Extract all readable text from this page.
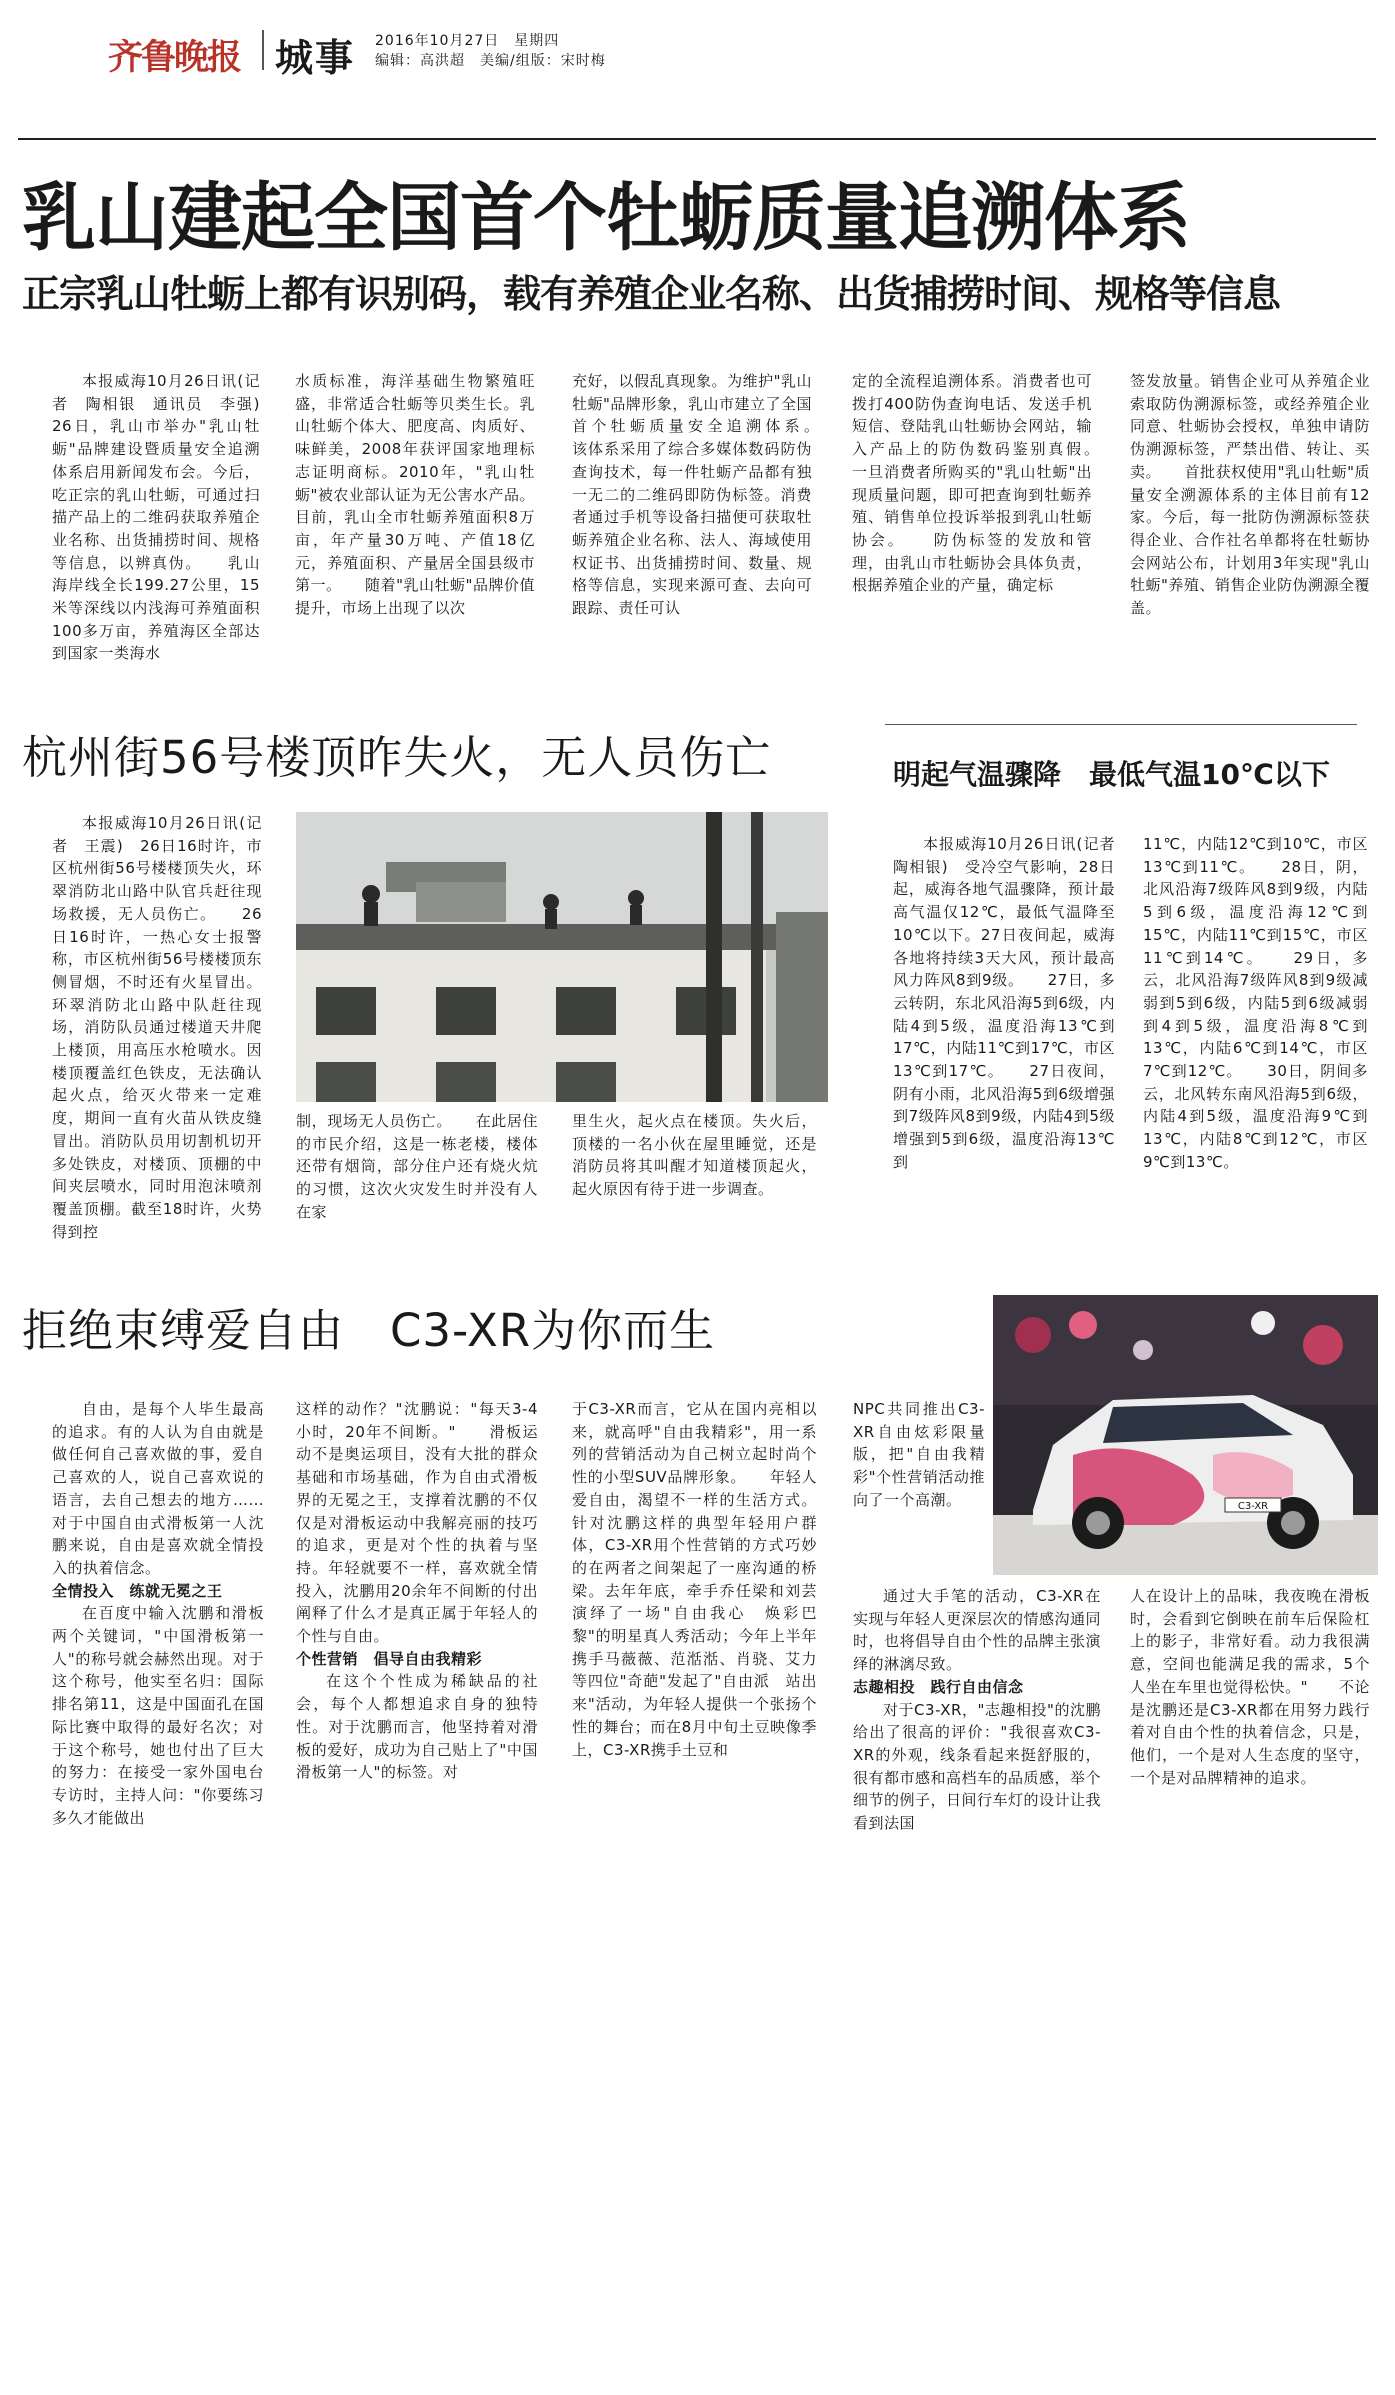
齐鲁晚报 城事 2016年10月27日　星期四
编辑：高洪超　美编/组版：宋时梅
乳山建起全国首个牡蛎质量追溯体系
正宗乳山牡蛎上都有识别码，载有养殖企业名称、出货捕捞时间、规格等信息

本报威海10月26日讯(记者　陶相银　通讯员　李强)　26日，乳山市举办"乳山牡蛎"品牌建设暨质量安全追溯体系启用新闻发布会。今后，吃正宗的乳山牡蛎，可通过扫描产品上的二维码获取养殖企业名称、出货捕捞时间、规格等信息，以辨真伪。　　乳山海岸线全长199.27公里，15米等深线以内浅海可养殖面积100多万亩，养殖海区全部达到国家一类海水

水质标准，海洋基础生物繁殖旺盛，非常适合牡蛎等贝类生长。乳山牡蛎个体大、肥度高、肉质好、味鲜美，2008年获评国家地理标志证明商标。2010年，"乳山牡蛎"被农业部认证为无公害水产品。目前，乳山全市牡蛎养殖面积8万亩，年产量30万吨、产值18亿元，养殖面积、产量居全国县级市第一。　　随着"乳山牡蛎"品牌价值提升，市场上出现了以次

充好，以假乱真现象。为维护"乳山牡蛎"品牌形象，乳山市建立了全国首个牡蛎质量安全追溯体系。　　该体系采用了综合多媒体数码防伪查询技术，每一件牡蛎产品都有独一无二的二维码即防伪标签。消费者通过手机等设备扫描便可获取牡蛎养殖企业名称、法人、海域使用权证书、出货捕捞时间、数量、规格等信息，实现来源可查、去向可跟踪、责任可认

定的全流程追溯体系。消费者也可拨打400防伪查询电话、发送手机短信、登陆乳山牡蛎协会网站，输入产品上的防伪数码鉴别真假。　　一旦消费者所购买的"乳山牡蛎"出现质量问题，即可把查询到牡蛎养殖、销售单位投诉举报到乳山牡蛎协会。　　防伪标签的发放和管理，由乳山市牡蛎协会具体负责，根据养殖企业的产量，确定标

签发放量。销售企业可从养殖企业索取防伪溯源标签，或经养殖企业同意、牡蛎协会授权，单独申请防伪溯源标签，严禁出借、转让、买卖。　　首批获权使用"乳山牡蛎"质量安全溯源体系的主体目前有12家。今后，每一批防伪溯源标签获得企业、合作社名单都将在牡蛎协会网站公布，计划用3年实现"乳山牡蛎"养殖、销售企业防伪溯源全覆盖。

杭州街56号楼顶昨失火，无人员伤亡

本报威海10月26日讯(记者　王震)　26日16时许，市区杭州街56号楼楼顶失火，环翠消防北山路中队官兵赶往现场救援，无人员伤亡。　　26日16时许，一热心女士报警称，市区杭州街56号楼楼顶东侧冒烟，不时还有火星冒出。环翠消防北山路中队赶往现场，消防队员通过楼道天井爬上楼顶，用高压水枪喷水。因楼顶覆盖红色铁皮，无法确认起火点，给灭火带来一定难度，期间一直有火苗从铁皮缝冒出。消防队员用切割机切开多处铁皮，对楼顶、顶棚的中间夹层喷水，同时用泡沫喷剂覆盖顶棚。截至18时许，火势得到控

制，现场无人员伤亡。　　在此居住的市民介绍，这是一栋老楼，楼体还带有烟筒，部分住户还有烧火炕的习惯，这次火灾发生时并没有人在家

里生火，起火点在楼顶。失火后，顶楼的一名小伙在屋里睡觉，还是消防员将其叫醒才知道楼顶起火，起火原因有待于进一步调查。

明起气温骤降　最低气温10℃以下

本报威海10月26日讯(记者　陶相银)　受冷空气影响，28日起，威海各地气温骤降，预计最高气温仅12℃，最低气温降至10℃以下。27日夜间起，威海各地将持续3天大风，预计最高风力阵风8到9级。　　27日，多云转阴，东北风沿海5到6级，内陆4到5级，温度沿海13℃到17℃，内陆11℃到17℃，市区13℃到17℃。　　27日夜间，阴有小雨，北风沿海5到6级增强到7级阵风8到9级，内陆4到5级增强到5到6级，温度沿海13℃到

11℃，内陆12℃到10℃，市区13℃到11℃。　　28日，阴，北风沿海7级阵风8到9级，内陆5到6级，温度沿海12℃到15℃，内陆11℃到15℃，市区11℃到14℃。　　29日，多云，北风沿海7级阵风8到9级减弱到5到6级，内陆5到6级减弱到4到5级，温度沿海8℃到13℃，内陆6℃到14℃，市区7℃到12℃。　　30日，阴间多云，北风转东南风沿海5到6级，内陆4到5级，温度沿海9℃到13℃，内陆8℃到12℃，市区9℃到13℃。

拒绝束缚爱自由　C3-XR为你而生
C3-XR

自由，是每个人毕生最高的追求。有的人认为自由就是做任何自己喜欢做的事，爱自己喜欢的人，说自己喜欢说的语言，去自己想去的地方……对于中国自由式滑板第一人沈鹏来说，自由是喜欢就全情投入的执着信念。

全情投入　练就无冕之王

在百度中输入沈鹏和滑板两个关键词，"中国滑板第一人"的称号就会赫然出现。对于这个称号，他实至名归：国际排名第11，这是中国面孔在国际比赛中取得的最好名次；对于这个称号，她也付出了巨大的努力：在接受一家外国电台专访时，主持人问："你要练习多久才能做出

这样的动作？"沈鹏说："每天3-4小时，20年不间断。"　　滑板运动不是奥运项目，没有大批的群众基础和市场基础，作为自由式滑板界的无冕之王，支撑着沈鹏的不仅仅是对滑板运动中我解亮丽的技巧的追求，更是对个性的执着与坚持。年轻就要不一样，喜欢就全情投入，沈鹏用20余年不间断的付出阐释了什么才是真正属于年轻人的个性与自由。

个性营销　倡导自由我精彩

在这个个性成为稀缺品的社会，每个人都想追求自身的独特性。对于沈鹏而言，他坚持着对滑板的爱好，成功为自己贴上了"中国滑板第一人"的标签。对

于C3-XR而言，它从在国内亮相以来，就高呼"自由我精彩"，用一系列的营销活动为自己树立起时尚个性的小型SUV品牌形象。　　年轻人爱自由，渴望不一样的生活方式。针对沈鹏这样的典型年轻用户群体，C3-XR用个性营销的方式巧妙的在两者之间架起了一座沟通的桥梁。去年年底，牵手乔任梁和刘芸演绎了一场"自由我心　焕彩巴黎"的明星真人秀活动；今年上半年携手马薇薇、范湉湉、肖骁、艾力等四位"奇葩"发起了"自由派　站出来"活动，为年轻人提供一个张扬个性的舞台；而在8月中旬土豆映像季上，C3-XR携手土豆和

NPC共同推出C3-XR自由炫彩限量版，把"自由我精彩"个性营销活动推向了一个高潮。

通过大手笔的活动，C3-XR在实现与年轻人更深层次的情感沟通同时，也将倡导自由个性的品牌主张演绎的淋漓尽致。

志趣相投　践行自由信念

对于C3-XR，"志趣相投"的沈鹏给出了很高的评价："我很喜欢C3-XR的外观，线条看起来挺舒服的，很有都市感和高档车的品质感，举个细节的例子，日间行车灯的设计让我看到法国

人在设计上的品味，我夜晚在滑板时，会看到它倒映在前车后保险杠上的影子，非常好看。动力我很满意，空间也能满足我的需求，5个人坐在车里也觉得松快。"　　不论是沈鹏还是C3-XR都在用努力践行着对自由个性的执着信念，只是，他们，一个是对人生态度的坚守，一个是对品牌精神的追求。
